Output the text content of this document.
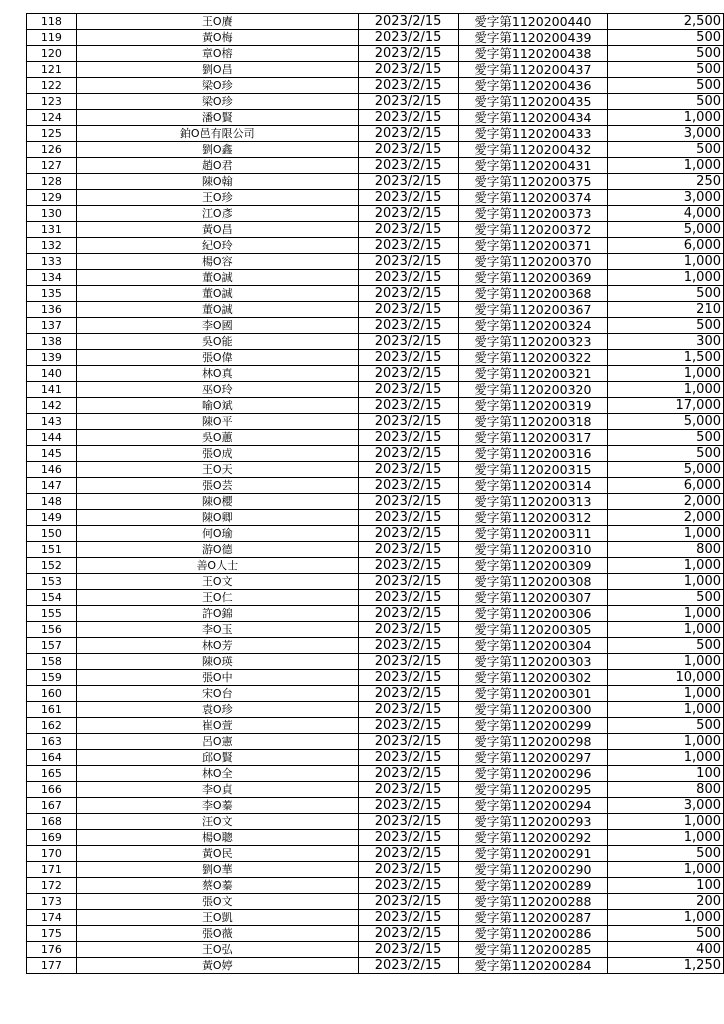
118	王O賡	2023/2/15	愛字第1120200440	2,500
119	黃O梅	2023/2/15	愛字第1120200439	500
120	章O榕	2023/2/15	愛字第1120200438	500
121	劉O昌	2023/2/15	愛字第1120200437	500
122	梁O珍	2023/2/15	愛字第1120200436	500
123	梁O珍	2023/2/15	愛字第1120200435	500
124	潘O賢	2023/2/15	愛字第1120200434	1,000
125	鉑O邑有限公司	2023/2/15	愛字第1120200433	3,000
126	劉O鑫	2023/2/15	愛字第1120200432	500
127	趙O君	2023/2/15	愛字第1120200431	1,000
128	陳O翰	2023/2/15	愛字第1120200375	250
129	王O珍	2023/2/15	愛字第1120200374	3,000
130	江O彥	2023/2/15	愛字第1120200373	4,000
131	黃O昌	2023/2/15	愛字第1120200372	5,000
132	紀O玲	2023/2/15	愛字第1120200371	6,000
133	楊O容	2023/2/15	愛字第1120200370	1,000
134	董O誠	2023/2/15	愛字第1120200369	1,000
135	董O誠	2023/2/15	愛字第1120200368	500
136	董O誠	2023/2/15	愛字第1120200367	210
137	李O國	2023/2/15	愛字第1120200324	500
138	吳O能	2023/2/15	愛字第1120200323	300
139	張O偉	2023/2/15	愛字第1120200322	1,500
140	林O真	2023/2/15	愛字第1120200321	1,000
141	巫O玲	2023/2/15	愛字第1120200320	1,000
142	喻O斌	2023/2/15	愛字第1120200319	17,000
143	陳O平	2023/2/15	愛字第1120200318	5,000
144	吳O蕙	2023/2/15	愛字第1120200317	500
145	張O成	2023/2/15	愛字第1120200316	500
146	王O天	2023/2/15	愛字第1120200315	5,000
147	張O芸	2023/2/15	愛字第1120200314	6,000
148	陳O櫻	2023/2/15	愛字第1120200313	2,000
149	陳O卿	2023/2/15	愛字第1120200312	2,000
150	何O瑜	2023/2/15	愛字第1120200311	1,000
151	游O德	2023/2/15	愛字第1120200310	800
152	善O人士	2023/2/15	愛字第1120200309	1,000
153	王O文	2023/2/15	愛字第1120200308	1,000
154	王O仁	2023/2/15	愛字第1120200307	500
155	許O錦	2023/2/15	愛字第1120200306	1,000
156	李O玉	2023/2/15	愛字第1120200305	1,000
157	林O芳	2023/2/15	愛字第1120200304	500
158	陳O瑛	2023/2/15	愛字第1120200303	1,000
159	張O中	2023/2/15	愛字第1120200302	10,000
160	宋O台	2023/2/15	愛字第1120200301	1,000
161	袁O珍	2023/2/15	愛字第1120200300	1,000
162	崔O萱	2023/2/15	愛字第1120200299	500
163	呂O憲	2023/2/15	愛字第1120200298	1,000
164	邱O賢	2023/2/15	愛字第1120200297	1,000
165	林O全	2023/2/15	愛字第1120200296	100
166	李O貞	2023/2/15	愛字第1120200295	800
167	李O蓁	2023/2/15	愛字第1120200294	3,000
168	汪O文	2023/2/15	愛字第1120200293	1,000
169	楊O聰	2023/2/15	愛字第1120200292	1,000
170	黃O民	2023/2/15	愛字第1120200291	500
171	劉O華	2023/2/15	愛字第1120200290	1,000
172	蔡O蓁	2023/2/15	愛字第1120200289	100
173	張O文	2023/2/15	愛字第1120200288	200
174	王O凱	2023/2/15	愛字第1120200287	1,000
175	張O薇	2023/2/15	愛字第1120200286	500
176	王O弘	2023/2/15	愛字第1120200285	400
177	黃O婷	2023/2/15	愛字第1120200284	1,250
